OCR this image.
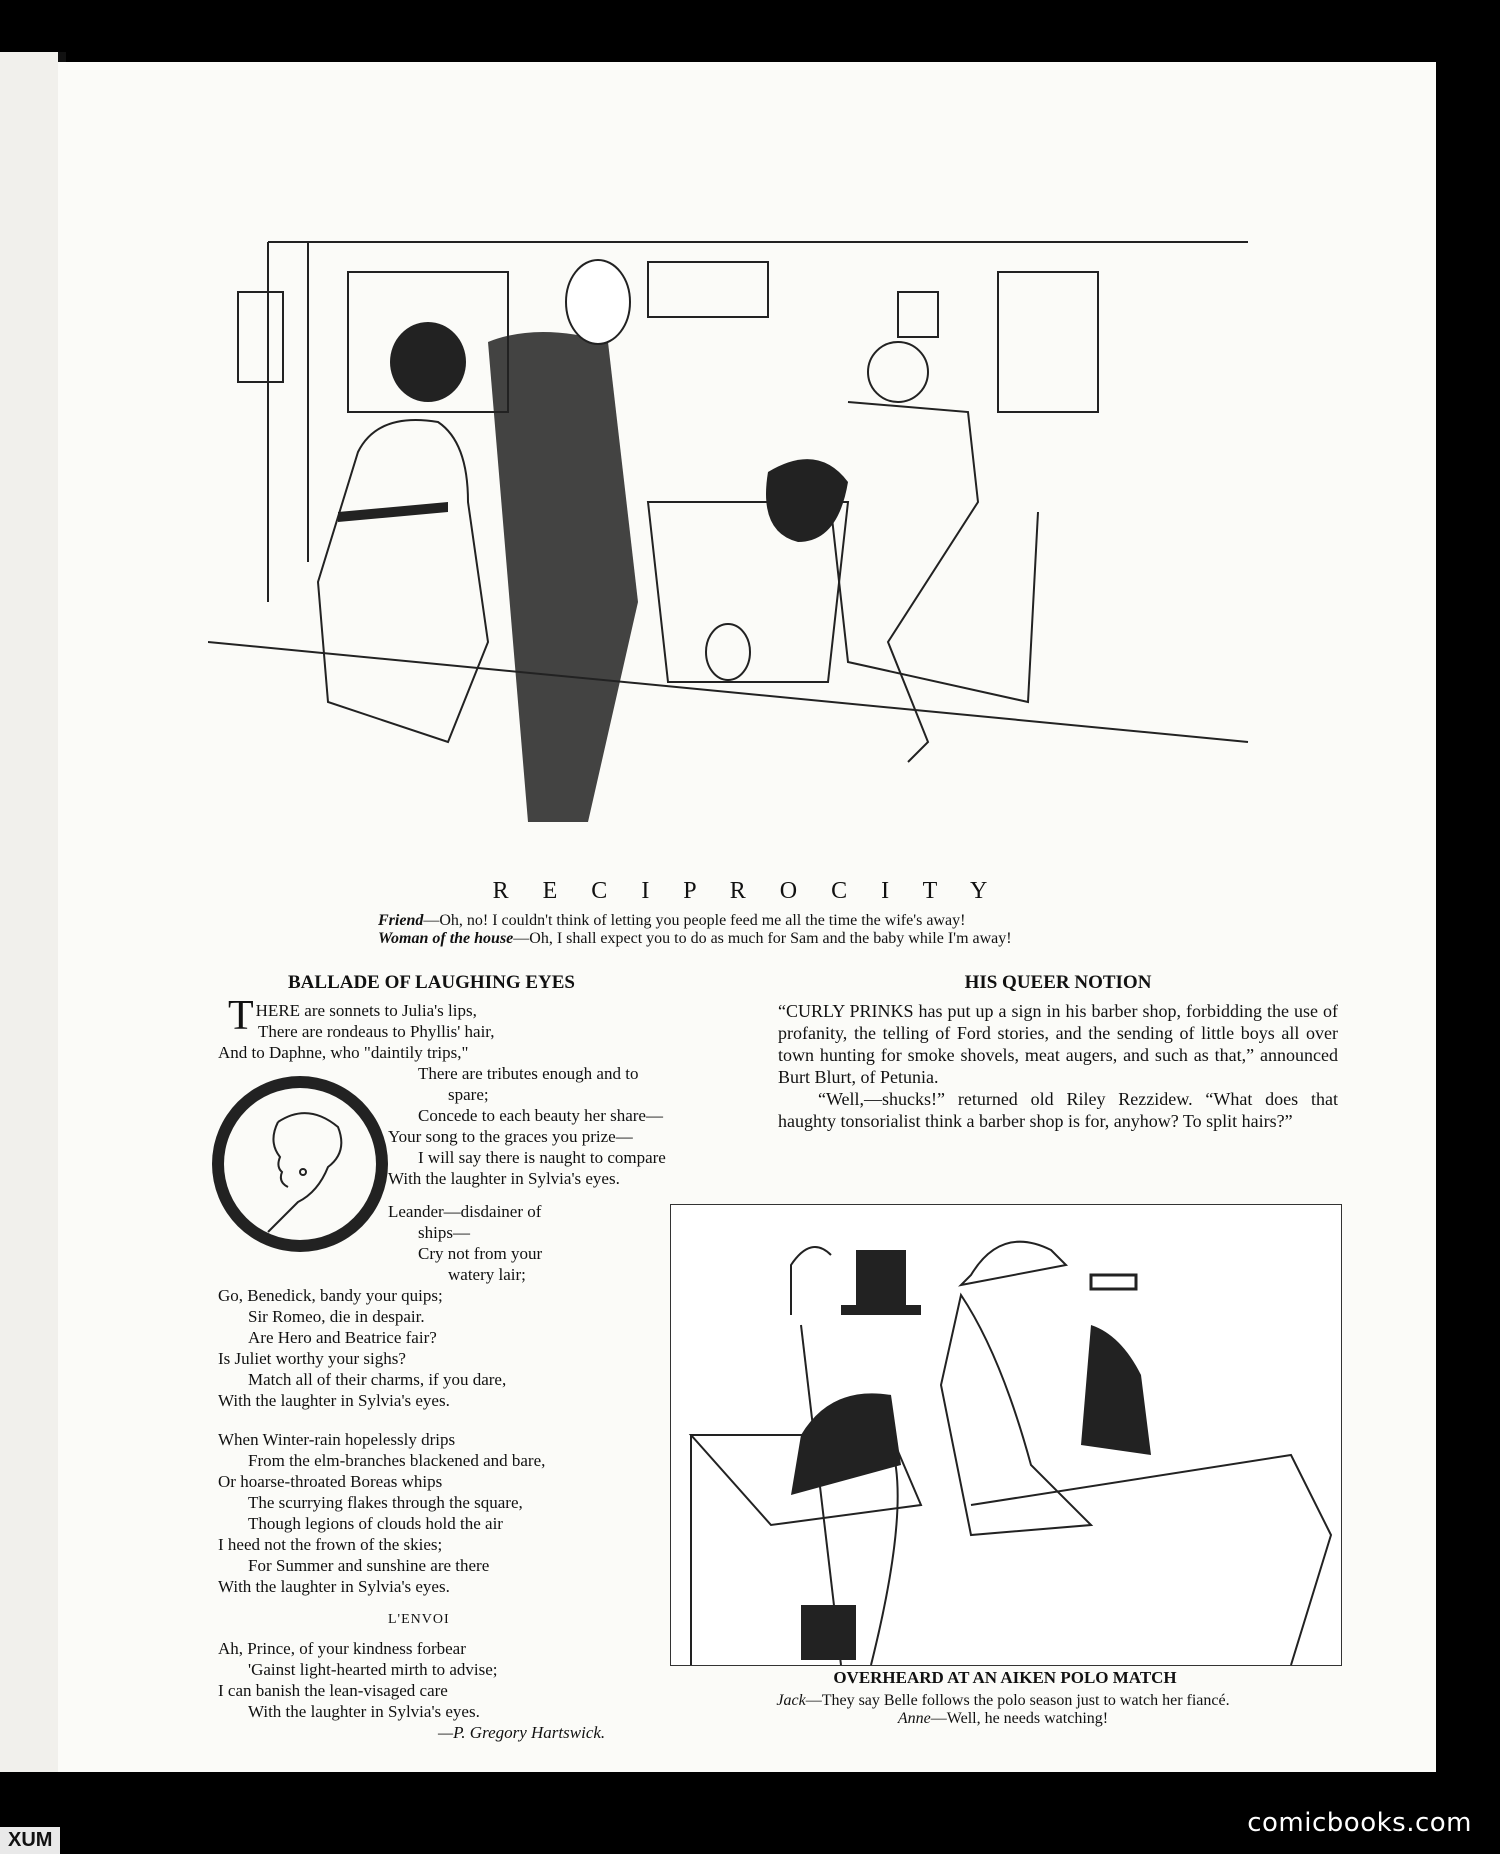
R E C I P R O C I T Y
Friend—Oh, no! I couldn't think of letting you people feed me all the time the wife's away!
Woman of the house—Oh, I shall expect you to do as much for Sam and the baby while I'm away!
BALLADE OF LAUGHING EYES
THERE are sonnets to Julia's lips,
There are rondeaus to Phyllis' hair,
And to Daphne, who "daintily trips,"
There are tributes enough and to
spare;
Concede to each beauty her share—
Your song to the graces you prize—
I will say there is naught to compare
With the laughter in Sylvia's eyes.
Leander—disdainer of
ships—
Cry not from your
watery lair;
Go, Benedick, bandy your quips;
Sir Romeo, die in despair.
Are Hero and Beatrice fair?
Is Juliet worthy your sighs?
Match all of their charms, if you dare,
With the laughter in Sylvia's eyes.
When Winter-rain hopelessly drips
From the elm-branches blackened and bare,
Or hoarse-throated Boreas whips
The scurrying flakes through the square,
Though legions of clouds hold the air
I heed not the frown of the skies;
For Summer and sunshine are there
With the laughter in Sylvia's eyes.
L'ENVOI
Ah, Prince, of your kindness forbear
'Gainst light-hearted mirth to advise;
I can banish the lean-visaged care
With the laughter in Sylvia's eyes.
—P. Gregory Hartswick.
HIS QUEER NOTION

“CURLY PRINKS has put up a sign in his barber shop, forbidding the use of profanity, the telling of Ford stories, and the sending of little boys all over town hunting for smoke shovels, meat augers, and such as that,” announced Burt Blurt, of Petunia.

“Well,—shucks!” returned old Riley Rezzidew. “What does that haughty tonsorialist think a barber shop is for, anyhow? To split hairs?”

OVERHEARD AT AN AIKEN POLO MATCH
Jack—They say Belle follows the polo season just to watch her fiancé. Anne—Well, he needs watching!
XUM
comicbooks.com
